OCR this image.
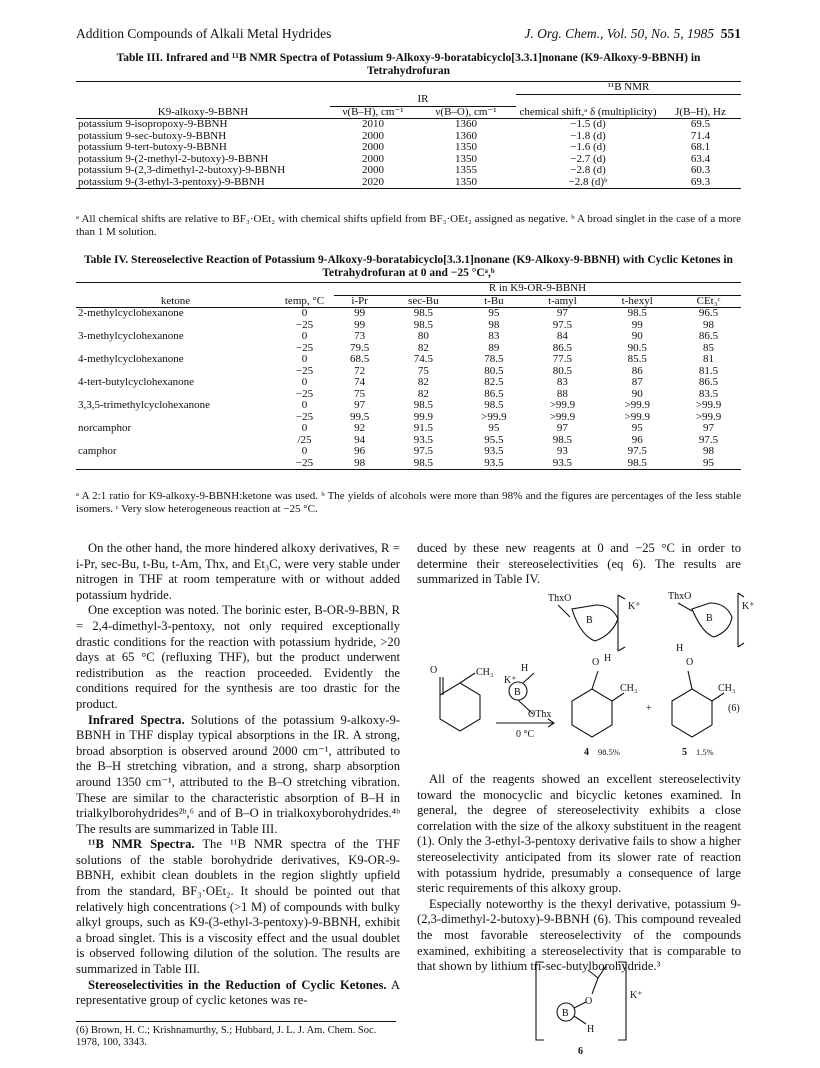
Addition Compounds of Alkali Metal Hydrides	J. Org. Chem., Vol. 50, No. 5, 1985 551
Table III. Infrared and ¹¹B NMR Spectra of Potassium 9-Alkoxy-9-boratabicyclo[3.3.1]nonane (K9-Alkoxy-9-BBNH) in Tetrahydrofuran
			¹¹B NMR	
	IR			
K9-alkoxy-9-BBNH	ν(B–H), cm⁻¹	ν(B–O), cm⁻¹	chemical shift,ᵃ δ (multiplicity)	J(B–H), Hz
potassium 9-isopropoxy-9-BBNH	2010	1360	−1.5 (d)	69.5
potassium 9-sec-butoxy-9-BBNH	2000	1360	−1.8 (d)	71.4
potassium 9-tert-butoxy-9-BBNH	2000	1350	−1.6 (d)	68.1
potassium 9-(2-methyl-2-butoxy)-9-BBNH	2000	1350	−2.7 (d)	63.4
potassium 9-(2,3-dimethyl-2-butoxy)-9-BBNH	2000	1355	−2.8 (d)	60.3
potassium 9-(3-ethyl-3-pentoxy)-9-BBNH	2020	1350	−2.8 (d)ᵇ	69.3
ᵃ All chemical shifts are relative to BF₃·OEt₂ with chemical shifts upfield from BF₃·OEt₂ assigned as negative. ᵇ A broad singlet in the case of a more than 1 M solution.
Table IV. Stereoselective Reaction of Potassium 9-Alkoxy-9-boratabicyclo[3.3.1]nonane (K9-Alkoxy-9-BBNH) with Cyclic Ketones in Tetrahydrofuran at 0 and −25 °Cᵃ,ᵇ
		R in K9-OR-9-BBNH					
ketone	temp, °C	i-Pr	sec-Bu	t-Bu	t-amyl	t-hexyl	CEt₃ᶜ
2-methylcyclohexanone	0	99	98.5	95	97	98.5	96.5
	−25	99	98.5	98	97.5	99	98
3-methylcyclohexanone	0	73	80	83	84	90	86.5
	−25	79.5	82	89	86.5	90.5	85
4-methylcyclohexanone	0	68.5	74.5	78.5	77.5	85.5	81
	−25	72	75	80.5	80.5	86	81.5
4-tert-butylcyclohexanone	0	74	82	82.5	83	87	86.5
	−25	75	82	86.5	88	90	83.5
3,3,5-trimethylcyclohexanone	0	97	98.5	98.5	>99.9	>99.9	>99.9
	−25	99.5	99.9	>99.9	>99.9	>99.9	>99.9
norcamphor	0	92	91.5	95	97	95	97
	/25	94	93.5	95.5	98.5	96	97.5
camphor	0	96	97.5	93.5	93	97.5	98
	−25	98	98.5	93.5	93.5	98.5	95
ᵃ A 2:1 ratio for K9-alkoxy-9-BBNH:ketone was used. ᵇ The yields of alcohols were more than 98% and the figures are percentages of the less stable isomers. ᶜ Very slow heterogeneous reaction at −25 °C.

On the other hand, the more hindered alkoxy derivatives, R = i-Pr, sec-Bu, t-Bu, t-Am, Thx, and Et₃C, were very stable under nitrogen in THF at room temperature with or without added potassium hydride.

One exception was noted. The borinic ester, B-OR-9-BBN, R = 2,4-dimethyl-3-pentoxy, not only required exceptionally drastic conditions for the reaction with potassium hydride, >20 days at 65 °C (refluxing THF), but the product underwent redistribution as the reaction proceeded. Evidently the conditions required for the synthesis are too drastic for the product.

Infrared Spectra. Solutions of the potassium 9-alkoxy-9-BBNH in THF display typical absorptions in the IR. A strong, broad absorption is observed around 2000 cm⁻¹, attributed to the B–H stretching vibration, and a strong, sharp absorption around 1350 cm⁻¹, attributed to the B–O stretching vibration. These are similar to the characteristic absorption of B–H in trialkylborohydrides²ᵇ,⁶ and of B–O in trialkoxyborohydrides.⁴ᵇ The results are summarized in Table III.

¹¹B NMR Spectra. The ¹¹B NMR spectra of the THF solutions of the stable borohydride derivatives, K9-OR-9-BBNH, exhibit clean doublets in the region slightly upfield from the standard, BF₃·OEt₂. It should be pointed out that relatively high concentrations (>1 M) of compounds with bulky alkyl groups, such as K9-(3-ethyl-3-pentoxy)-9-BBNH, exhibit a broad singlet. This is a viscosity effect and the usual doublet is observed following dilution of the solution. The results are summarized in Table III.

Stereoselectivities in the Reduction of Cyclic Ketones. A representative group of cyclic ketones was re-

(6) Brown, H. C.; Krishnamurthy, S.; Hubbard, J. L. J. Am. Chem. Soc. 1978, 100, 3343.

duced by these new reagents at 0 and −25 °C in order to determine their stereoselectivities (eq 6). The results are summarized in Table IV.

O	CH₃
K⁺
H
B
OThx
0 °C
ThxO
B
K⁺
O H
CH₃
+
ThxO
B
K⁺
H
O
CH₃
(6)
4 98.5%	5 1.5%

All of the reagents showed an excellent stereoselectivity toward the monocyclic and bicyclic ketones examined. In general, the degree of stereoselectivity exhibits a close correlation with the size of the alkoxy substituent in the reagent (1). Only the 3-ethyl-3-pentoxy derivative fails to show a higher stereoselectivity anticipated from its slower rate of reaction with potassium hydride, presumably a consequence of large steric requirements of this alkoxy group.

Especially noteworthy is the thexyl derivative, potassium 9-(2,3-dimethyl-2-butoxy)-9-BBNH (6). This compound revealed the most favorable stereoselectivity of the compounds examined, exhibiting a stereoselectivity that is comparable to that shown by lithium tri-sec-butylborohydride.³

B
O
H
K⁺
6
